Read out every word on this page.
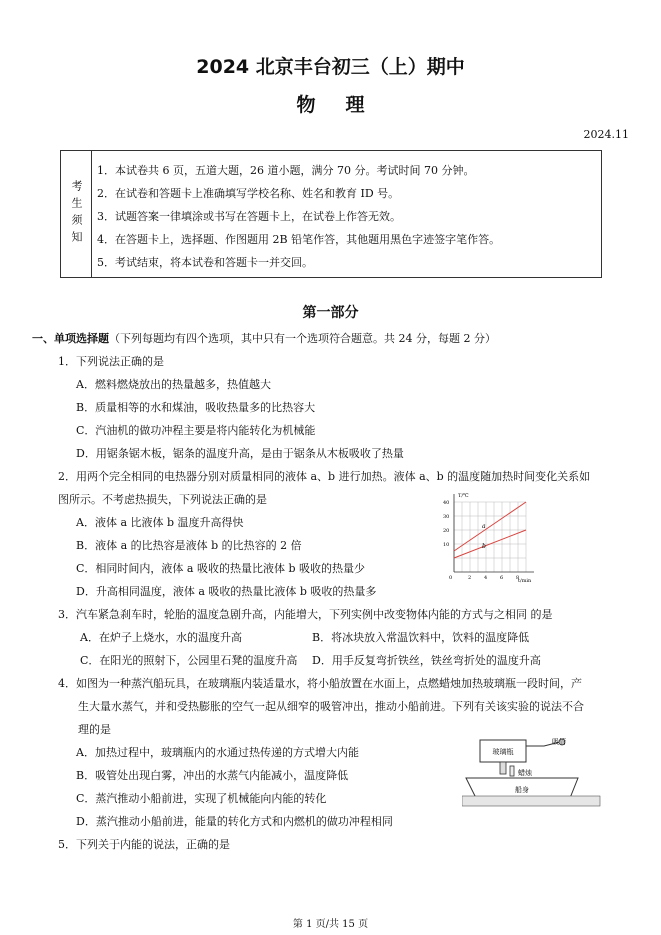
2024 北京丰台初三（上）期中
物理
2024.11
考生须知
1．本试卷共 6 页，五道大题，26 道小题，满分 70 分。考试时间 70 分钟。
2．在试卷和答题卡上准确填写学校名称、姓名和教育 ID 号。
3．试题答案一律填涂或书写在答题卡上，在试卷上作答无效。
4．在答题卡上，选择题、作图题用 2B 铅笔作答，其他题用黑色字迹签字笔作答。
5．考试结束，将本试卷和答题卡一并交回。
第一部分
一、单项选择题（下列每题均有四个选项，其中只有一个选项符合题意。共 24 分，每题 2 分）
1．下列说法正确的是
A．燃料燃烧放出的热量越多，热值越大
B．质量相等的水和煤油，吸收热量多的比热容大
C．汽油机的做功冲程主要是将内能转化为机械能
D．用锯条锯木板，锯条的温度升高，是由于锯条从木板吸收了热量
2．用两个完全相同的电热器分别对质量相同的液体 a、b 进行加热。液体 a、b 的温度随加热时间变化关系如
图所示。不考虑热损失，下列说法正确的是
A．液体 a 比液体 b 温度升高得快
B．液体 a 的比热容是液体 b 的比热容的 2 倍
C．相同时间内，液体 a 吸收的热量比液体 b 吸收的热量少
D．升高相同温度，液体 a 吸收的热量比液体 b 吸收的热量多
T/℃
t/min
40
30
20
10
0	2	4	6	8
a
b
3．汽车紧急刹车时，轮胎的温度急剧升高，内能增大，下列实例中改变物体内能的方式与之相同 的是
A．在炉子上烧水，水的温度升高	B．将冰块放入常温饮料中，饮料的温度降低
C．在阳光的照射下，公园里石凳的温度升高 D．用手反复弯折铁丝，铁丝弯折处的温度升高
4．如图为一种蒸汽船玩具，在玻璃瓶内装适量水，将小船放置在水面上，点燃蜡烛加热玻璃瓶一段时间，产
生大量水蒸气，并和受热膨胀的空气一起从细窄的吸管冲出，推动小船前进。下列有关该实验的说法不合
理的是
A．加热过程中，玻璃瓶内的水通过热传递的方式增大内能
B．吸管处出现白雾，冲出的水蒸气内能减小，温度降低
C．蒸汽推动小船前进，实现了机械能向内能的转化
D．蒸汽推动小船前进，能量的转化方式和内燃机的做功冲程相同
玻璃瓶
吸管
蜡烛
船身
5．下列关于内能的说法，正确的是
第 1 页/共 15 页
